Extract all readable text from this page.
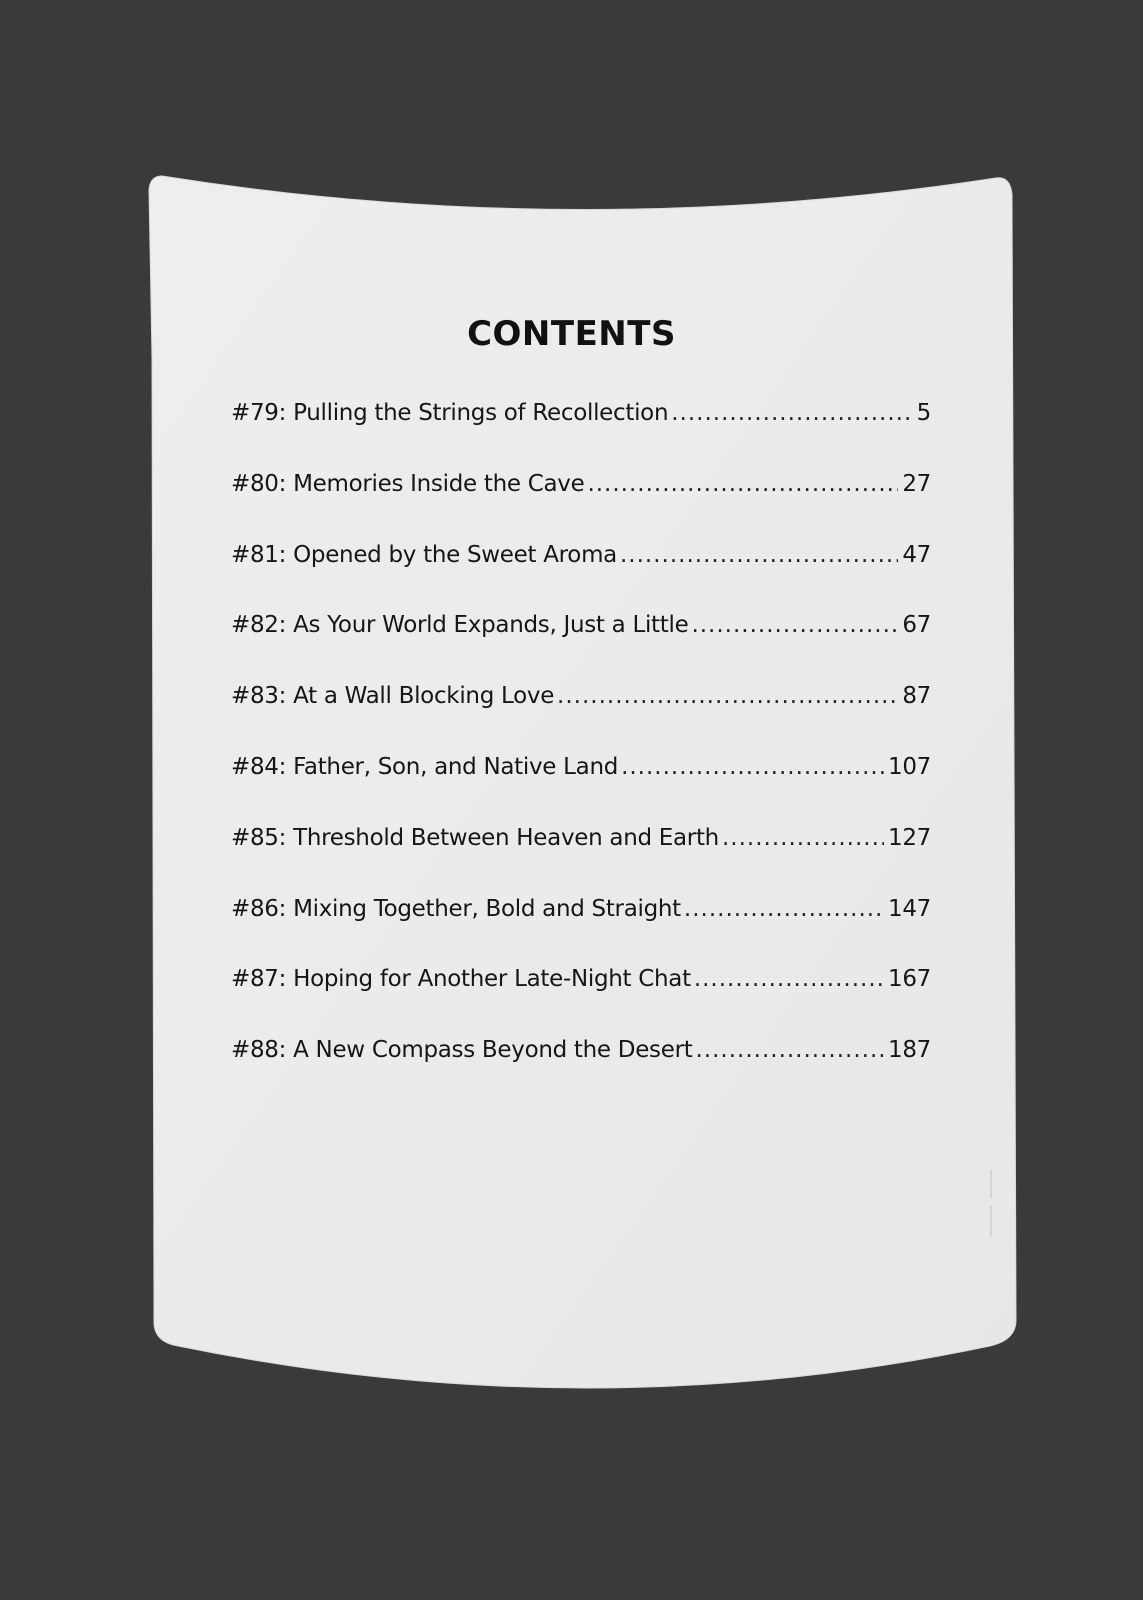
CONTENTS
#79: Pulling the Strings of Recollection .....	5
#80: Memories Inside the Cave .....	27
#81: Opened by the Sweet Aroma .....	47
#82: As Your World Expands, Just a Little .....	67
#83: At a Wall Blocking Love .....	87
#84: Father, Son, and Native Land .....	107
#85: Threshold Between Heaven and Earth .....	127
#86: Mixing Together, Bold and Straight .....	147
#87: Hoping for Another Late-Night Chat .....	167
#88: A New Compass Beyond the Desert .....	187
